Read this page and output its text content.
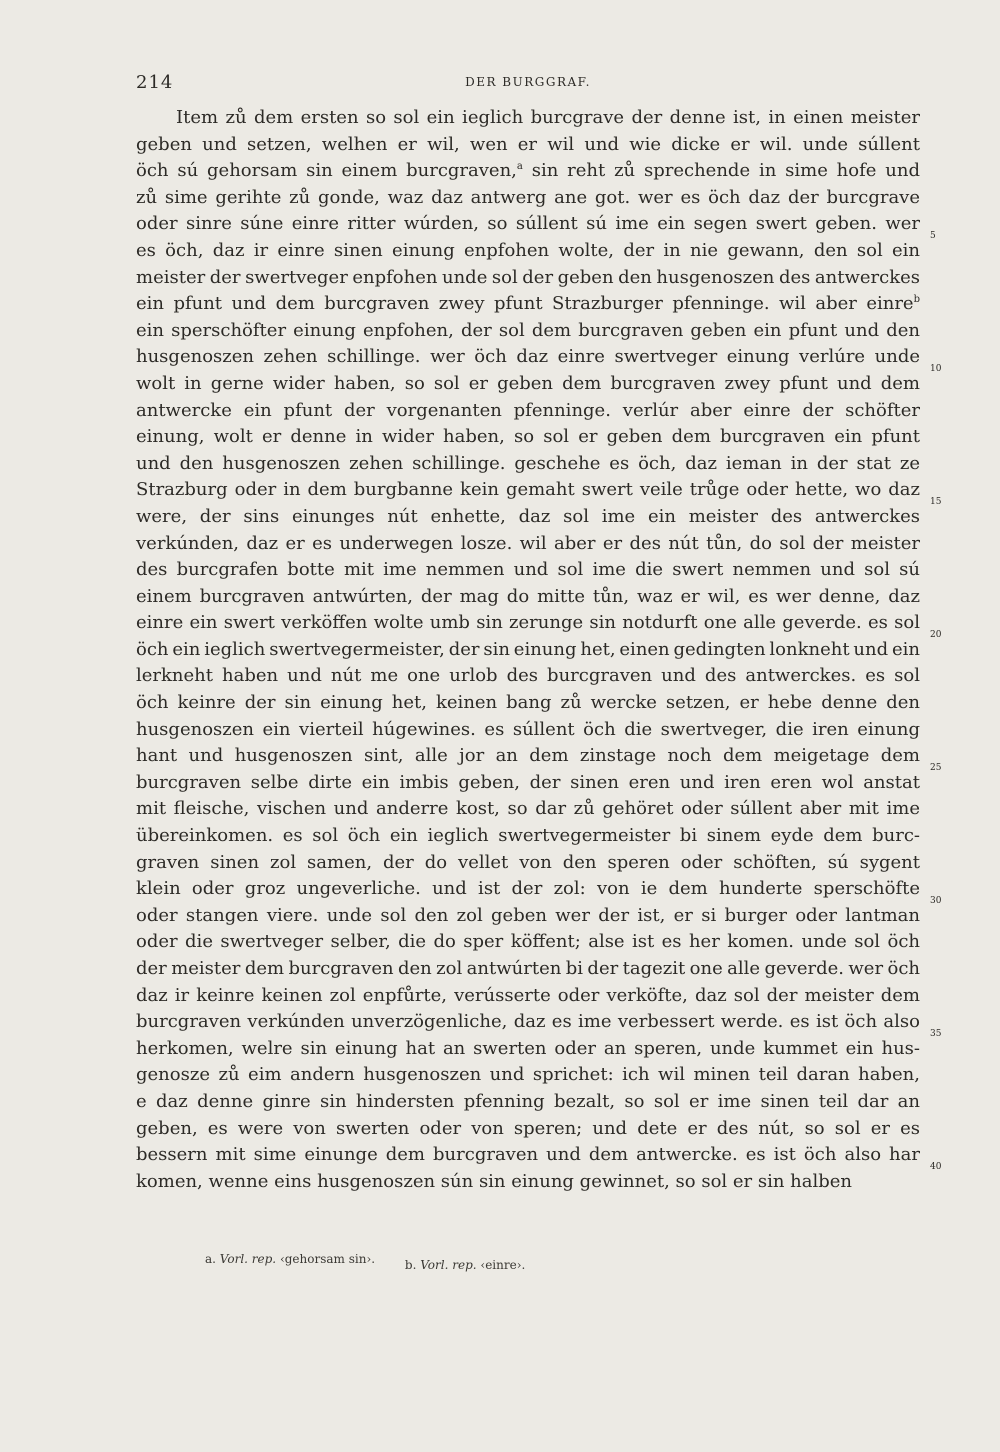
214	DER BURGGRAF.
Item zů dem ersten so sol ein ieglich burcgrave der denne ist, in einen meister
geben und setzen, welhen er wil, wen er wil und wie dicke er wil. unde súllent
öch sú gehorsam sin einem burcgraven,$^a$ sin reht zů sprechende in sime hofe und
zů sime gerihte zů gonde, waz daz antwerg ane got. wer es öch daz der burcgrave
oder sinre súne einre ritter wúrden, so súllent sú ime ein segen swert geben. wer
es öch, daz ir einre sinen einung enpfohen wolte, der in nie gewann, den sol ein
meister der swertveger enpfohen unde sol der geben den husgenoszen des antwerckes
ein pfunt und dem burcgraven zwey pfunt Strazburger pfenninge. wil aber einre$^b$
ein sperschöfter einung enpfohen, der sol dem burcgraven geben ein pfunt und den
husgenoszen zehen schillinge. wer öch daz einre swertveger einung verlúre unde
wolt in gerne wider haben, so sol er geben dem burcgraven zwey pfunt und dem
antwercke ein pfunt der vorgenanten pfenninge. verlúr aber einre der schöfter
einung, wolt er denne in wider haben, so sol er geben dem burcgraven ein pfunt
und den husgenoszen zehen schillinge. geschehe es öch, daz ieman in der stat ze
Strazburg oder in dem burgbanne kein gemaht swert veile trůge oder hette, wo daz
were, der sins einunges nút enhette, daz sol ime ein meister des antwerckes
verkúnden, daz er es underwegen losze. wil aber er des nút tůn, do sol der meister
des burcgrafen botte mit ime nemmen und sol ime die swert nemmen und sol sú
einem burcgraven antwúrten, der mag do mitte tůn, waz er wil, es wer denne, daz
einre ein swert verköffen wolte umb sin zerunge sin notdurft one alle geverde. es sol
öch ein ieglich swertvegermeister, der sin einung het, einen gedingten lonkneht und ein
lerkneht haben und nút me one urlob des burcgraven und des antwerckes. es sol
öch keinre der sin einung het, keinen bang zů wercke setzen, er hebe denne den
husgenoszen ein vierteil húgewines. es súllent öch die swertveger, die iren einung
hant und husgenoszen sint, alle jor an dem zinstage noch dem meigetage dem
burcgraven selbe dirte ein imbis geben, der sinen eren und iren eren wol anstat
mit fleische, vischen und anderre kost, so dar zů gehöret oder súllent aber mit ime
übereinkomen. es sol öch ein ieglich swertvegermeister bi sinem eyde dem burc-
graven sinen zol samen, der do vellet von den speren oder schöften, sú sygent
klein oder groz ungeverliche. und ist der zol: von ie dem hunderte sperschöfte
oder stangen viere. unde sol den zol geben wer der ist, er si burger oder lantman
oder die swertveger selber, die do sper köffent; alse ist es her komen. unde sol öch
der meister dem burcgraven den zol antwúrten bi der tagezit one alle geverde. wer öch
daz ir keinre keinen zol enpfůrte, verússerte oder verköfte, daz sol der meister dem
burcgraven verkúnden unverzögenliche, daz es ime verbessert werde. es ist öch also
herkomen, welre sin einung hat an swerten oder an speren, unde kummet ein hus-
genosze zů eim andern husgenoszen und sprichet: ich wil minen teil daran haben,
e daz denne ginre sin hindersten pfenning bezalt, so sol er ime sinen teil dar an
geben, es were von swerten oder von speren; und dete er des nút, so sol er es
bessern mit sime einunge dem burcgraven und dem antwercke. es ist öch also har
komen, wenne eins husgenoszen sún sin einung gewinnet, so sol er sin halben
5
10
15
20
25
30
35
40
a. Vorl. rep. ‹gehorsam sin›. b. Vorl. rep. ‹einre›.
